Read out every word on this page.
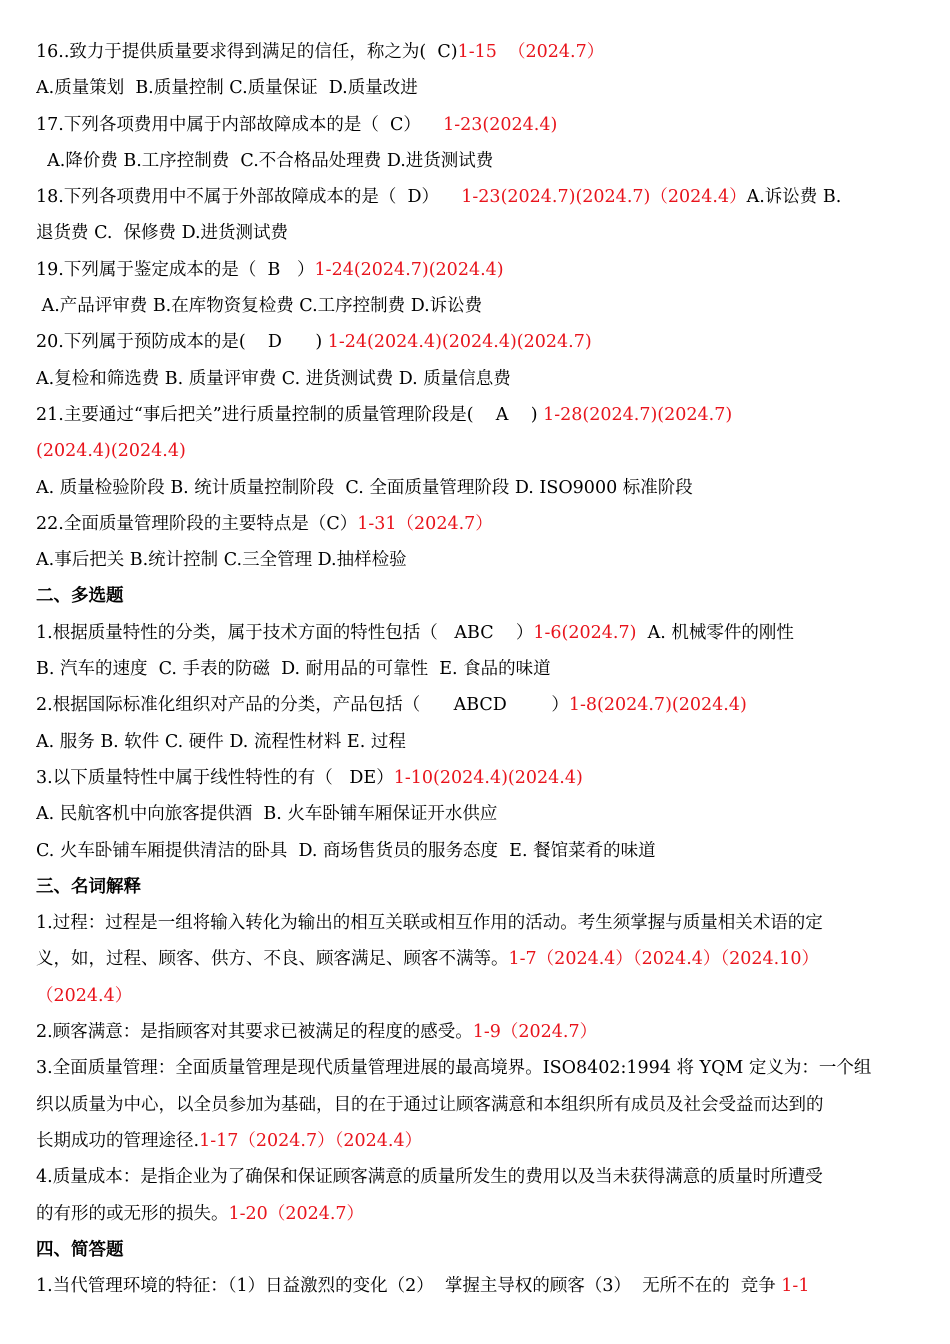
16..致力于提供质量要求得到满足的信任，称之为(  C)1-15  （2024.7）
A.质量策划  B.质量控制 C.质量保证  D.质量改进
17.下列各项费用中属于内部故障成本的是（  C）    1-23(2024.4)
A.降价费 B.工序控制费  C.不合格品处理费 D.进货测试费
18.下列各项费用中不属于外部故障成本的是（  D）    1-23(2024.7)(2024.7)（2024.4）A.诉讼费 B.
退货费 C.  保修费 D.进货测试费
19.下列属于鉴定成本的是（  B   ）1-24(2024.7)(2024.4)
A.产品评审费 B.在库物资复检费 C.工序控制费 D.诉讼费
20.下列属于预防成本的是(    D      ) 1-24(2024.4)(2024.4)(2024.7)
A.复检和筛选费 B. 质量评审费 C. 进货测试费 D. 质量信息费
21.主要通过“事后把关”进行质量控制的质量管理阶段是(    A    ) 1-28(2024.7)(2024.7)
(2024.4)(2024.4)
A. 质量检验阶段 B. 统计质量控制阶段  C. 全面质量管理阶段 D. ISO9000 标准阶段
22.全面质量管理阶段的主要特点是（C）1-31（2024.7）
A.事后把关 B.统计控制 C.三全管理 D.抽样检验
二、多选题
1.根据质量特性的分类，属于技术方面的特性包括（   ABC    ）1-6(2024.7)  A. 机械零件的刚性
B. 汽车的速度  C. 手表的防磁  D. 耐用品的可靠性  E. 食品的味道
2.根据国际标准化组织对产品的分类，产品包括（      ABCD        ）1-8(2024.7)(2024.4)
A. 服务 B. 软件 C. 硬件 D. 流程性材料 E. 过程
3.以下质量特性中属于线性特性的有（   DE）1-10(2024.4)(2024.4)
A. 民航客机中向旅客提供酒  B. 火车卧铺车厢保证开水供应
C. 火车卧铺车厢提供清洁的卧具  D. 商场售货员的服务态度  E. 餐馆菜肴的味道
三、名词解释
1.过程：过程是一组将输入转化为输出的相互关联或相互作用的活动。考生须掌握与质量相关术语的定
义，如，过程、顾客、供方、不良、顾客满足、顾客不满等。1-7（2024.4）（2024.4）（2024.10）
（2024.4）
2.顾客满意：是指顾客对其要求已被满足的程度的感受。1-9（2024.7）
3.全面质量管理：全面质量管理是现代质量管理进展的最高境界。ISO8402:1994 将 YQM 定义为：一个组
织以质量为中心，以全员参加为基础，目的在于通过让顾客满意和本组织所有成员及社会受益而达到的
长期成功的管理途径.1-17（2024.7）（2024.4）
4.质量成本：是指企业为了确保和保证顾客满意的质量所发生的费用以及当未获得满意的质量时所遭受
的有形的或无形的损失。1-20（2024.7）
四、简答题
1.当代管理环境的特征：（1）日益激烈的变化（2）  掌握主导权的顾客（3）  无所不在的  竞争 1-1
